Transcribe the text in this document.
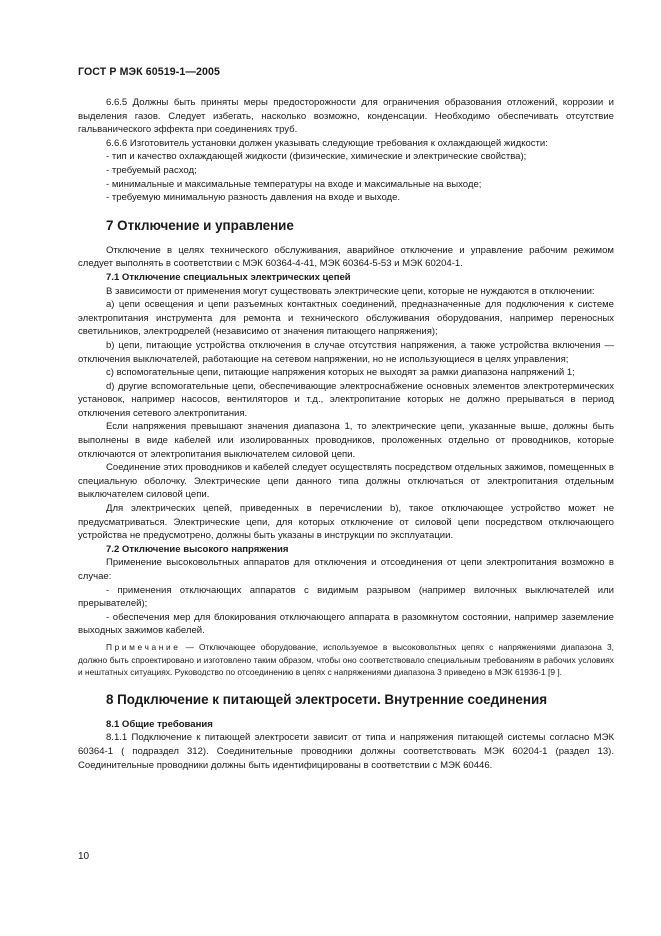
ГОСТ Р МЭК 60519-1—2005

6.6.5 Должны быть приняты меры предосторожности для ограничения образования отложений, коррозии и выделения газов. Следует избегать, насколько возможно, конденсации. Необходимо обеспечивать отсутствие гальванического эффекта при соединениях труб.

6.6.6 Изготовитель установки должен указывать следующие требования к охлаждающей жидкости:

- тип и качество охлаждающей жидкости (физические, химические и электрические свойства);

- требуемый расход;

- минимальные и максимальные температуры на входе и максимальные на выходе;

- требуемую минимальную разность давления на входе и выходе.

7 Отключение и управление

Отключение в целях технического обслуживания, аварийное отключение и управление рабочим режимом следует выполнять в соответствии с МЭК 60364-4-41, МЭК 60364-5-53 и МЭК 60204-1.

7.1 Отключение специальных электрических цепей

В зависимости от применения могут существовать электрические цепи, которые не нуждаются в отключении:

а) цепи освещения и цепи разъемных контактных соединений, предназначенные для подключения к системе электропитания инструмента для ремонта и технического обслуживания оборудования, например переносных светильников, электродрелей (независимо от значения питающего напряжения);

b) цепи, питающие устройства отключения в случае отсутствия напряжения, а также устройства включения — отключения выключателей, работающие на сетевом напряжении, но не использующиеся в целях управления;

c) вспомогательные цепи, питающие напряжения которых не выходят за рамки диапазона напряжений 1;

d) другие вспомогательные цепи, обеспечивающие электроснабжение основных элементов электротермических установок, например насосов, вентиляторов и т.д., электропитание которых не должно прерываться в период отключения сетевого электропитания.

Если напряжения превышают значения диапазона 1, то электрические цепи, указанные выше, должны быть выполнены в виде кабелей или изолированных проводников, проложенных отдельно от проводников, которые отключаются от электропитания выключателем силовой цепи.

Соединение этих проводников и кабелей следует осуществлять посредством отдельных зажимов, помещенных в специальную оболочку. Электрические цепи данного типа должны отключаться от электропитания отдельным выключателем силовой цепи.

Для электрических цепей, приведенных в перечислении b), такое отключающее устройство может не предусматриваться. Электрические цепи, для которых отключение от силовой цепи посредством отключающего устройства не предусмотрено, должны быть указаны в инструкции по эксплуатации.

7.2 Отключение высокого напряжения

Применение высоковольтных аппаратов для отключения и отсоединения от цепи электропитания возможно в случае:

- применения отключающих аппаратов с видимым разрывом (например вилочных выключателей или прерывателей);

- обеспечения мер для блокирования отключающего аппарата в разомкнутом состоянии, например заземление выходных зажимов кабелей.

Примечание — Отключающее оборудование, используемое в высоковольтных цепях с напряжениями диапазона 3, должно быть спроектировано и изготовлено таким образом, чтобы оно соответствовало специальным требованиям в рабочих условиях и нештатных ситуациях. Руководство по отсоединению в цепях с напряжениями диапазона 3 приведено в МЭК 61936-1 [9 ].

8 Подключение к питающей электросети. Внутренние соединения
8.1 Общие требования

8.1.1 Подключение к питающей электросети зависит от типа и напряжения питающей системы согласно МЭК 60364-1 ( подраздел 312). Соединительные проводники должны соответствовать МЭК 60204-1 (раздел 13). Соединительные проводники должны быть идентифицированы в соответствии с МЭК 60446.

10
